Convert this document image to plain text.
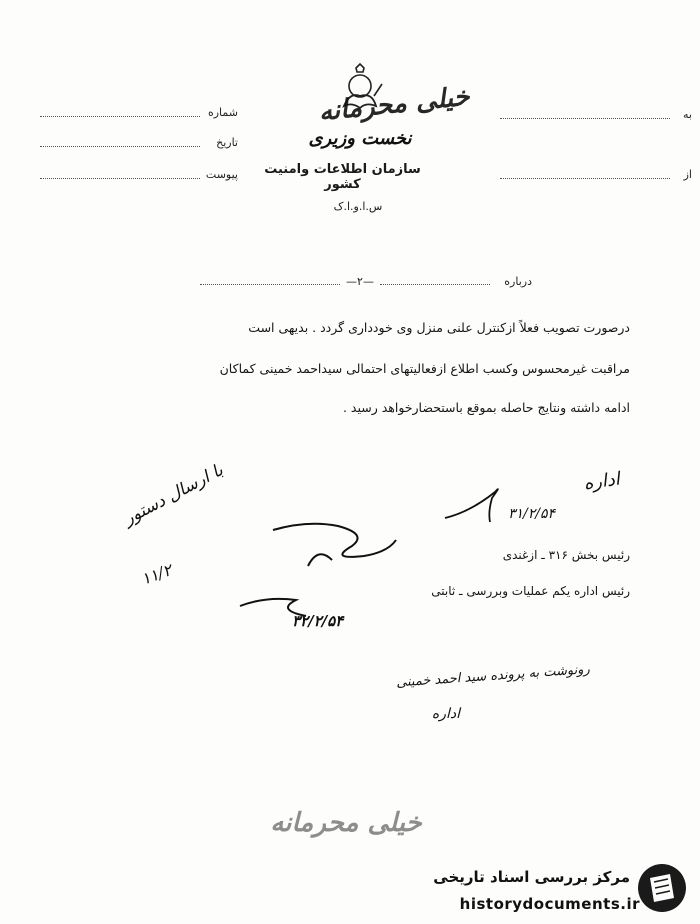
خیلی محرمانه
نخست وزیری
سازمان اطلاعات وامنیت کشور
س.ا.و.ا.ک
شماره
تاریخ
پیوست
به
از
—۲—	درباره
درصورت تصویب فعلاً ازکنترل علنی منزل وی خودداری گردد . بدیهی است
مراقبت غیرمحسوس وکسب اطلاع ازفعالیتهای احتمالی سیداحمد خمینی کماکان
ادامه داشته ونتایج حاصله بموقع باستحضارخواهد رسید .
اداره
۳۱/۲/۵۴
با ارسال دستور
۱۱/۲
رئیس بخش ۳۱۶ ـ ازغندی
رئیس اداره یکم عملیات وبررسی ـ ثابتی
۳۲/۲/۵۴
رونوشت به پرونده سید احمد خمینی
اداره
خیلی محرمانه
مرکز بررسی اسناد تاریخی
historydocuments.ir
